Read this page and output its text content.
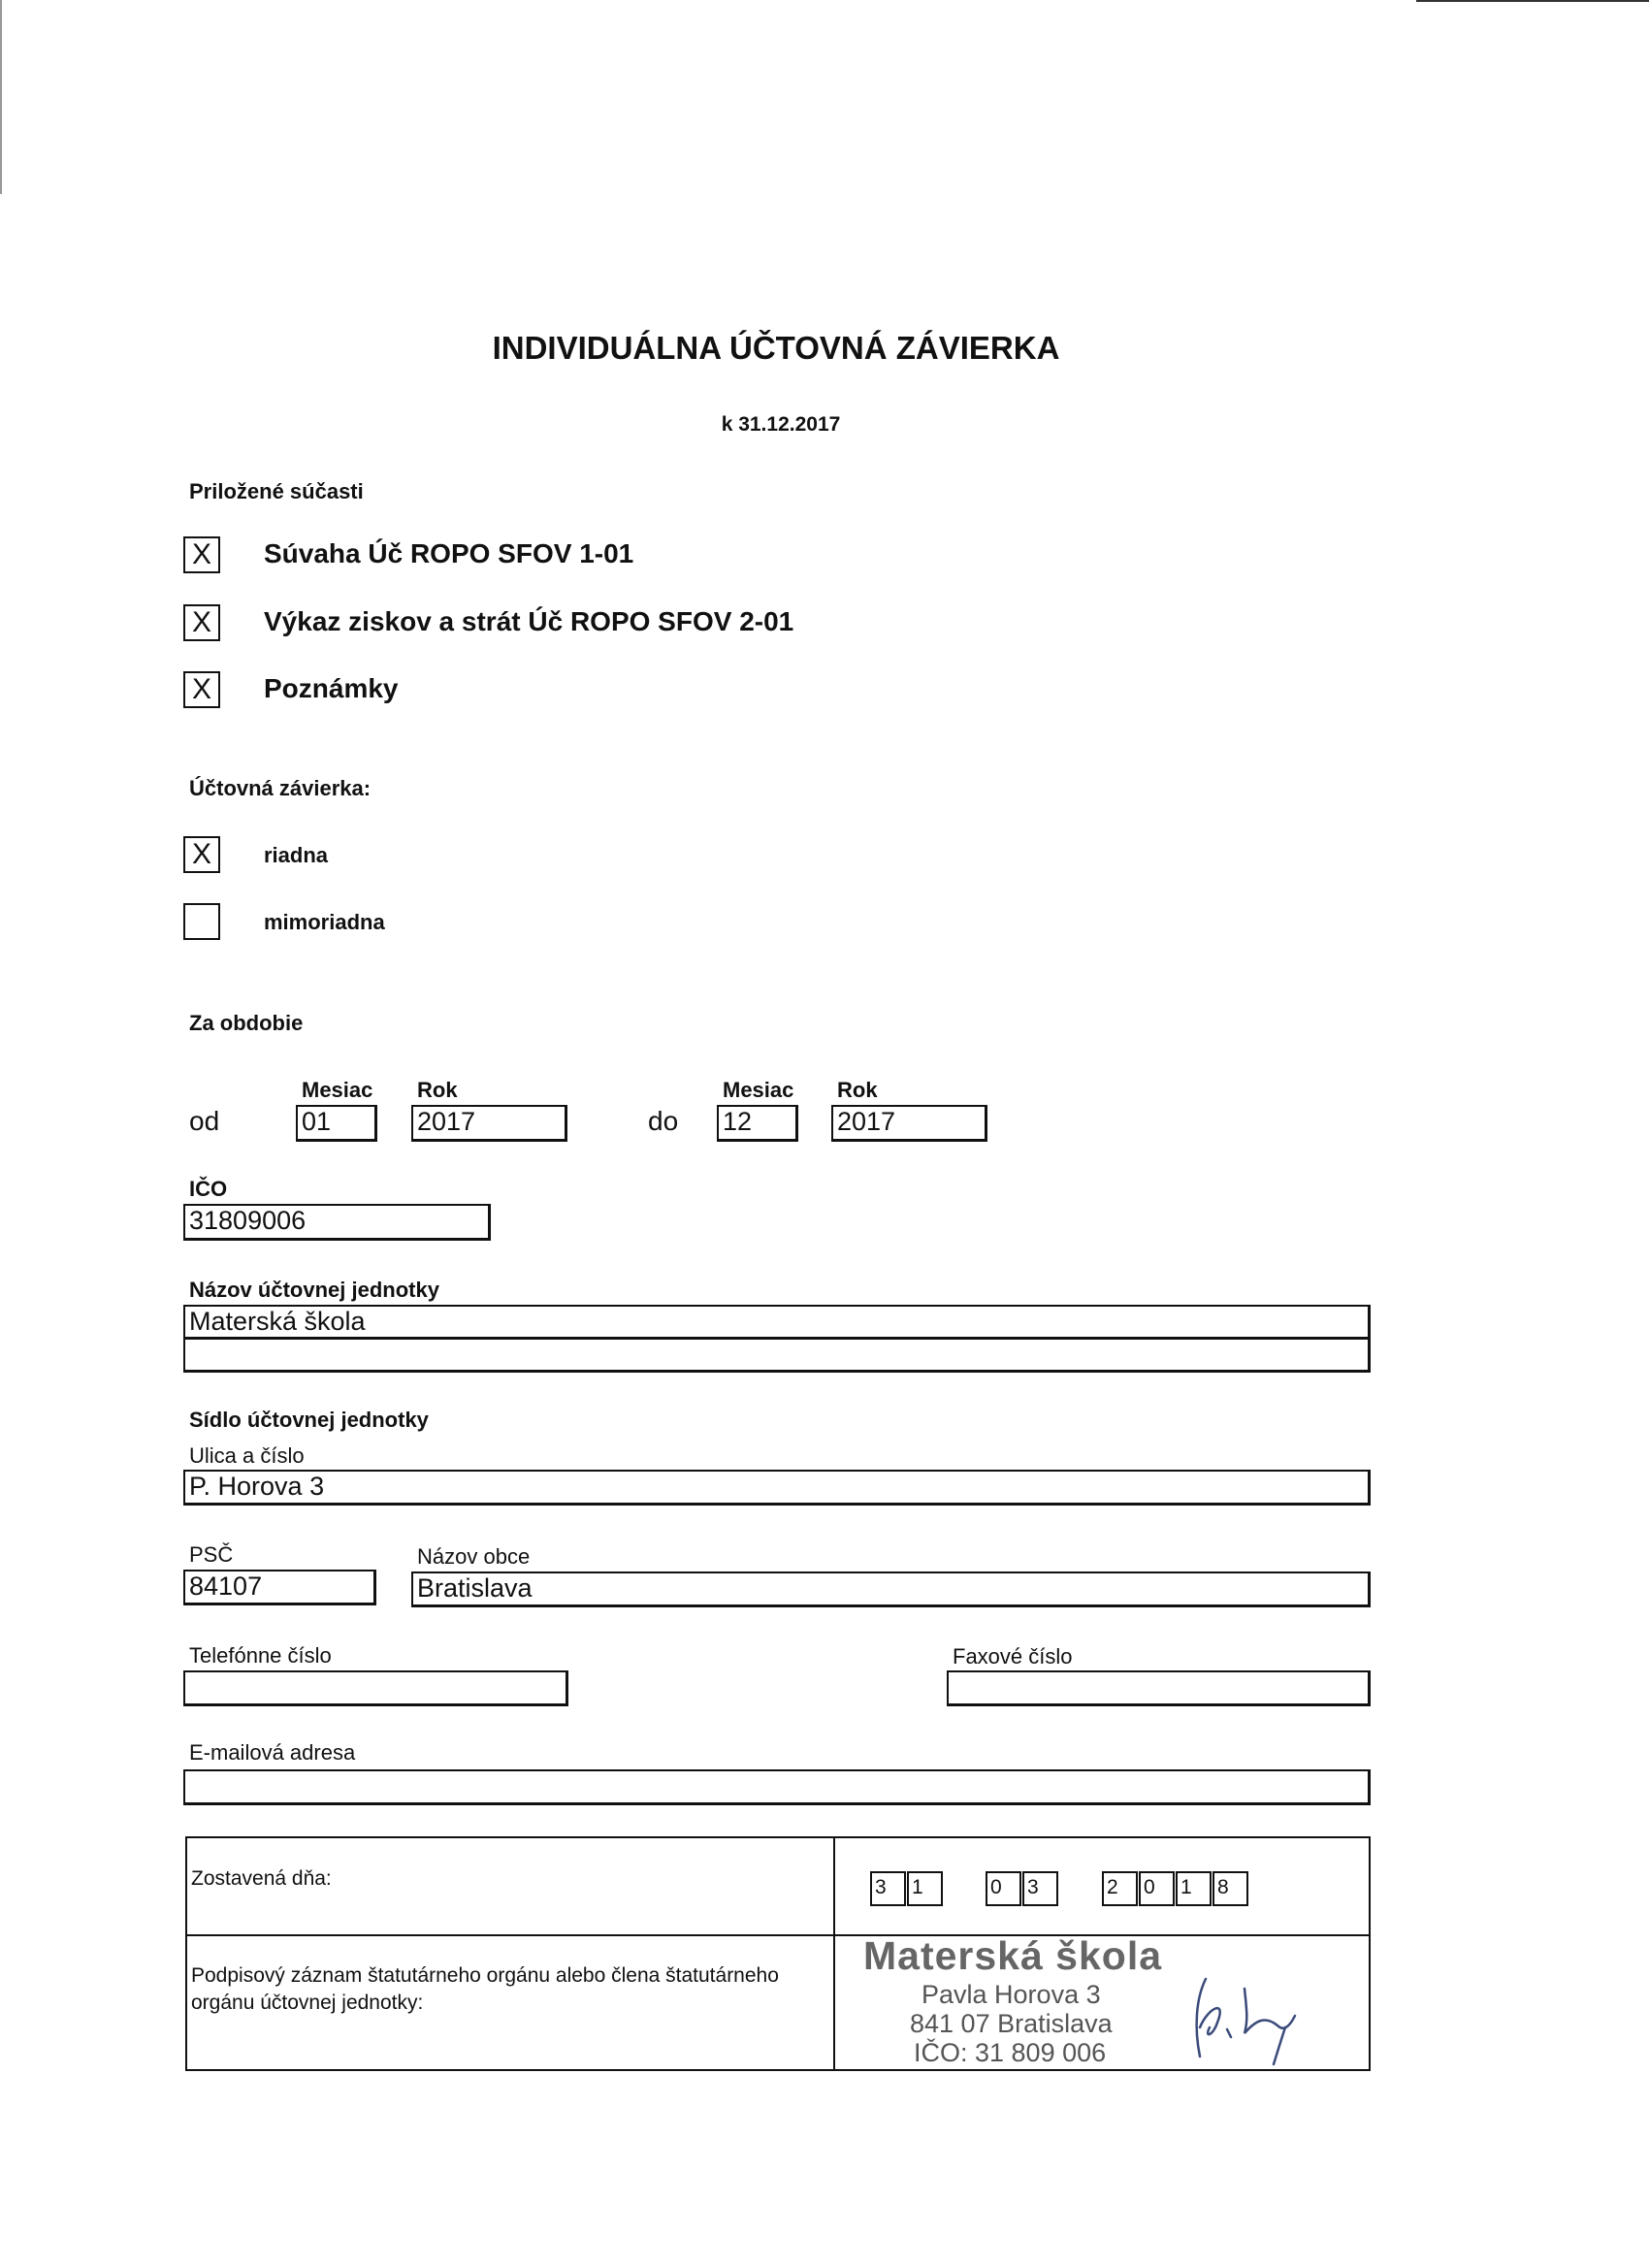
INDIVIDUÁLNA ÚČTOVNÁ ZÁVIERKA
k 31.12.2017
Priložené súčasti
X	Súvaha Úč ROPO SFOV 1-01
X	Výkaz ziskov a strát Úč ROPO SFOV 2-01
X	Poznámky
Účtovná závierka:
X	riadna
mimoriadna
Za obdobie
Mesiac Rok	Mesiac Rok
od	01	2017	do 12	2017
IČO
31809006
Názov účtovnej jednotky
Materská škola
Sídlo účtovnej jednotky
Ulica a číslo
P. Horova 3
PSČ	Názov obce
84107	Bratislava
Telefónne číslo	Faxové číslo
E-mailová adresa
Zostavená dňa:	3	1	0	3	2	0	1	8
Podpisový záznam štatutárneho orgánu alebo člena štatutárneho
orgánu účtovnej jednotky:
Materská škola
Pavla Horova 3
841 07 Bratislava
IČO: 31 809 006
